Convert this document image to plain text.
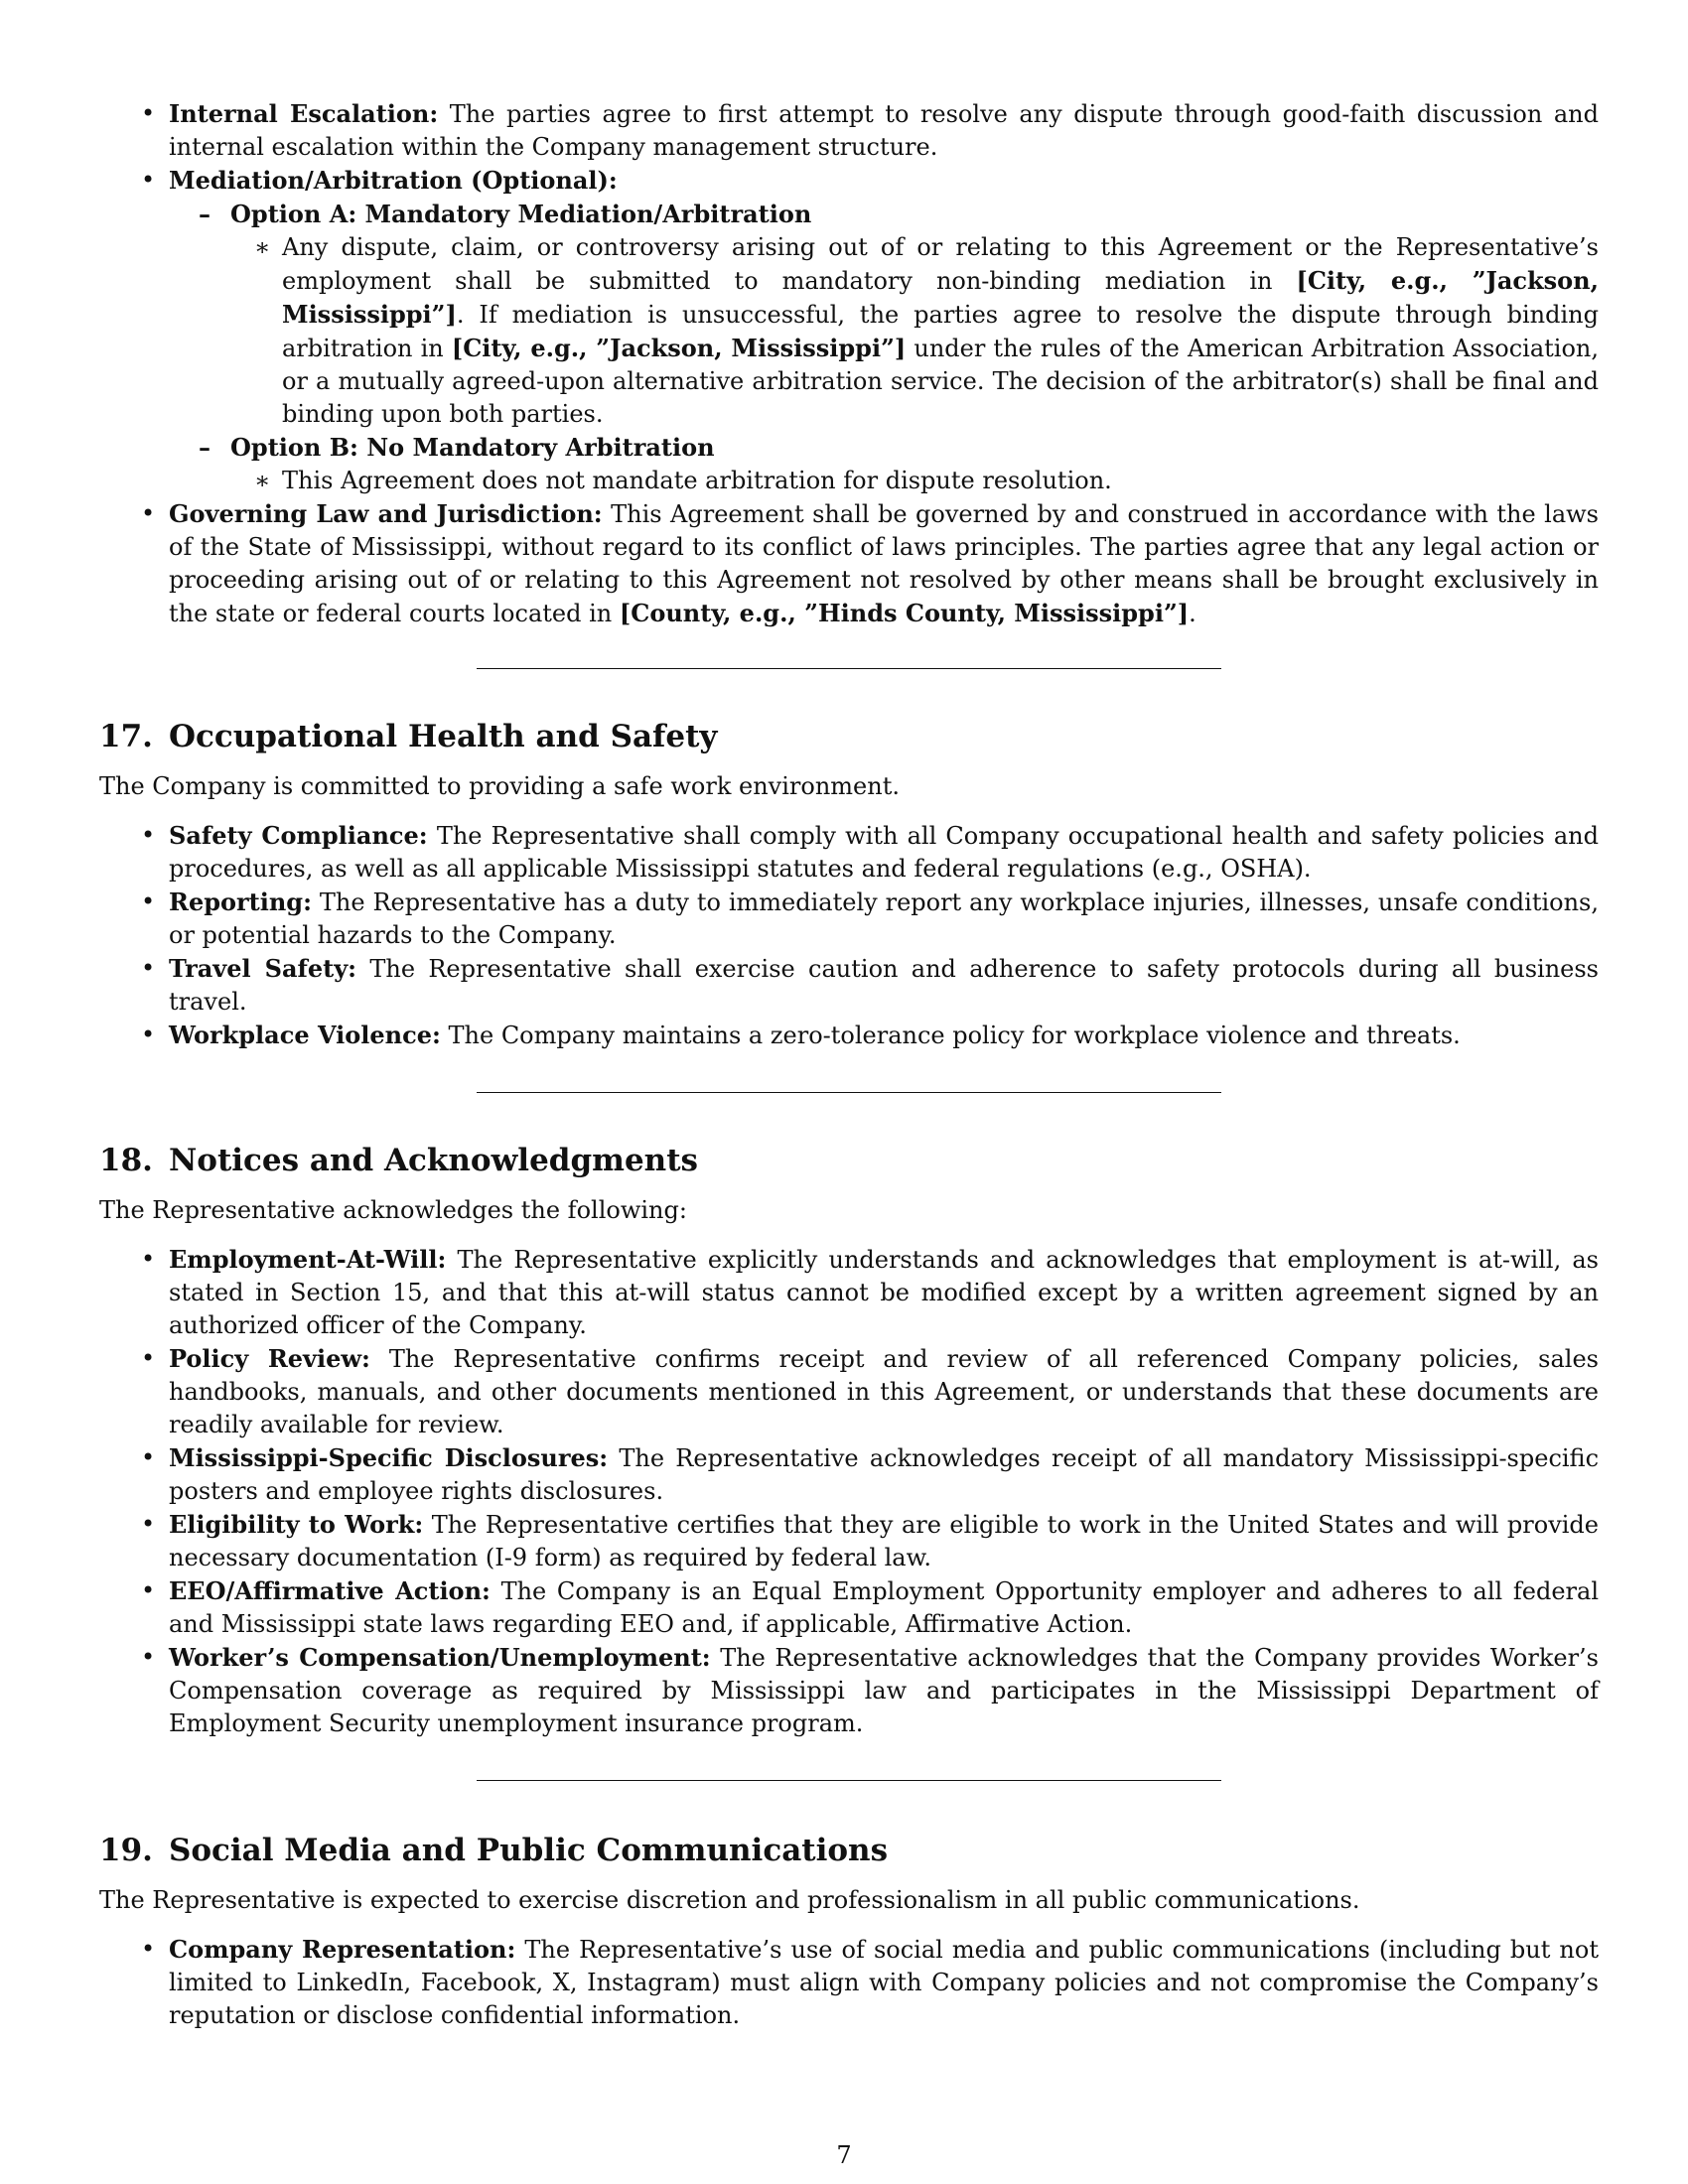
• Internal Escalation: The parties agree to first attempt to resolve any dispute through good-faith discussion and internal escalation within the Company management structure.
• Mediation/Arbitration (Optional):
– Option A: Mandatory Mediation/Arbitration
∗ Any dispute, claim, or controversy arising out of or relating to this Agreement or the Representative’s employment shall be submitted to mandatory non-binding mediation in [City, e.g., ”Jackson, Mississippi”]. If mediation is unsuccessful, the parties agree to resolve the dispute through binding arbitration in [City, e.g., ”Jackson, Mississippi”] under the rules of the American Arbitration Association, or a mutually agreed-upon alternative arbitration service. The decision of the arbitrator(s) shall be final and binding upon both parties.
– Option B: No Mandatory Arbitration
∗ This Agreement does not mandate arbitration for dispute resolution.
• Governing Law and Jurisdiction: This Agreement shall be governed by and construed in accordance with the laws of the State of Mississippi, without regard to its conflict of laws principles. The parties agree that any legal action or proceeding arising out of or relating to this Agreement not resolved by other means shall be brought exclusively in the state or federal courts located in [County, e.g., ”Hinds County, Mississippi”].
17. Occupational Health and Safety

The Company is committed to providing a safe work environment.

• Safety Compliance: The Representative shall comply with all Company occupational health and safety policies and procedures, as well as all applicable Mississippi statutes and federal regulations (e.g., OSHA).
• Reporting: The Representative has a duty to immediately report any workplace injuries, illnesses, unsafe conditions, or potential hazards to the Company.
• Travel Safety: The Representative shall exercise caution and adherence to safety protocols during all business travel.
• Workplace Violence: The Company maintains a zero-tolerance policy for workplace violence and threats.
18. Notices and Acknowledgments

The Representative acknowledges the following:

• Employment-At-Will: The Representative explicitly understands and acknowledges that employment is at-will, as stated in Section 15, and that this at-will status cannot be modified except by a written agreement signed by an authorized officer of the Company.
• Policy Review: The Representative confirms receipt and review of all referenced Company policies, sales handbooks, manuals, and other documents mentioned in this Agreement, or understands that these documents are readily available for review.
• Mississippi-Specific Disclosures: The Representative acknowledges receipt of all mandatory Mississippi-specific posters and employee rights disclosures.
• Eligibility to Work: The Representative certifies that they are eligible to work in the United States and will provide necessary documentation (I-9 form) as required by federal law.
• EEO/Affirmative Action: The Company is an Equal Employment Opportunity employer and adheres to all federal and Mississippi state laws regarding EEO and, if applicable, Affirmative Action.
• Worker’s Compensation/Unemployment: The Representative acknowledges that the Company provides Worker’s Compensation coverage as required by Mississippi law and participates in the Mississippi Department of Employment Security unemployment insurance program.
19. Social Media and Public Communications

The Representative is expected to exercise discretion and professionalism in all public communications.

• Company Representation: The Representative’s use of social media and public communications (including but not limited to LinkedIn, Facebook, X, Instagram) must align with Company policies and not compromise the Company’s reputation or disclose confidential information.
7
